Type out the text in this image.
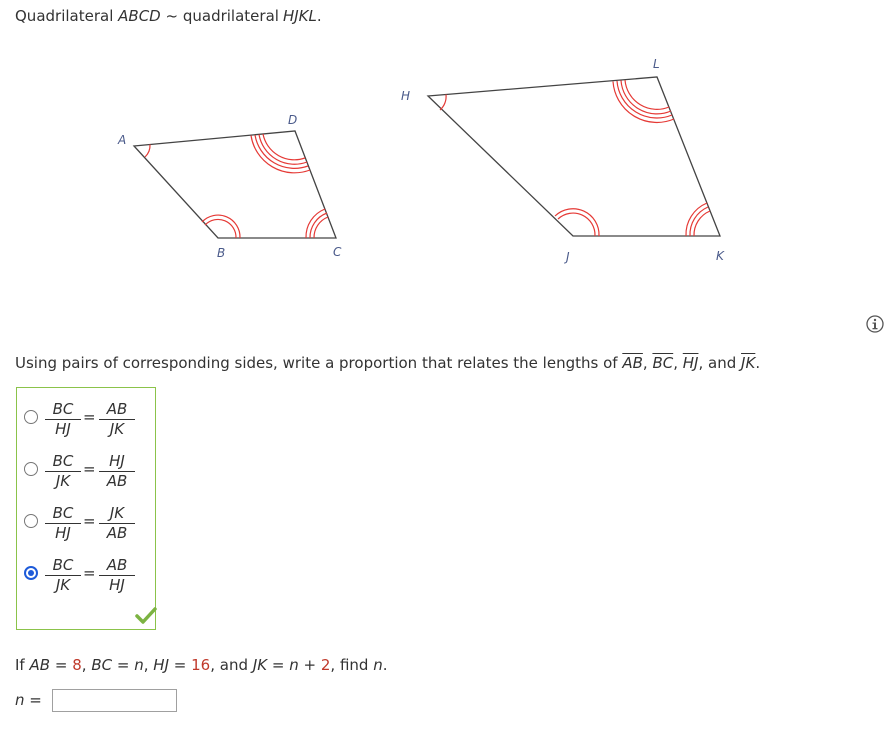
Quadrilateral ABCD ~ quadrilateral HJKL.
A
B	C
D
H
J	K
L
Using pairs of corresponding sides, write a proportion that relates the lengths of $\overline{AB}$, $\overline{BC}$, $\overline{HJ}$, and $\overline{JK}$.
$\frac{BC}{HJ} = \frac{AB}{JK}$
$\frac{BC}{JK} = \frac{HJ}{AB}$
$\frac{BC}{HJ} = \frac{JK}{AB}$
$\frac{BC}{JK} = \frac{AB}{HJ}$
If AB = 8, BC = n, HJ = 16, and JK = n + 2, find n.
n =
